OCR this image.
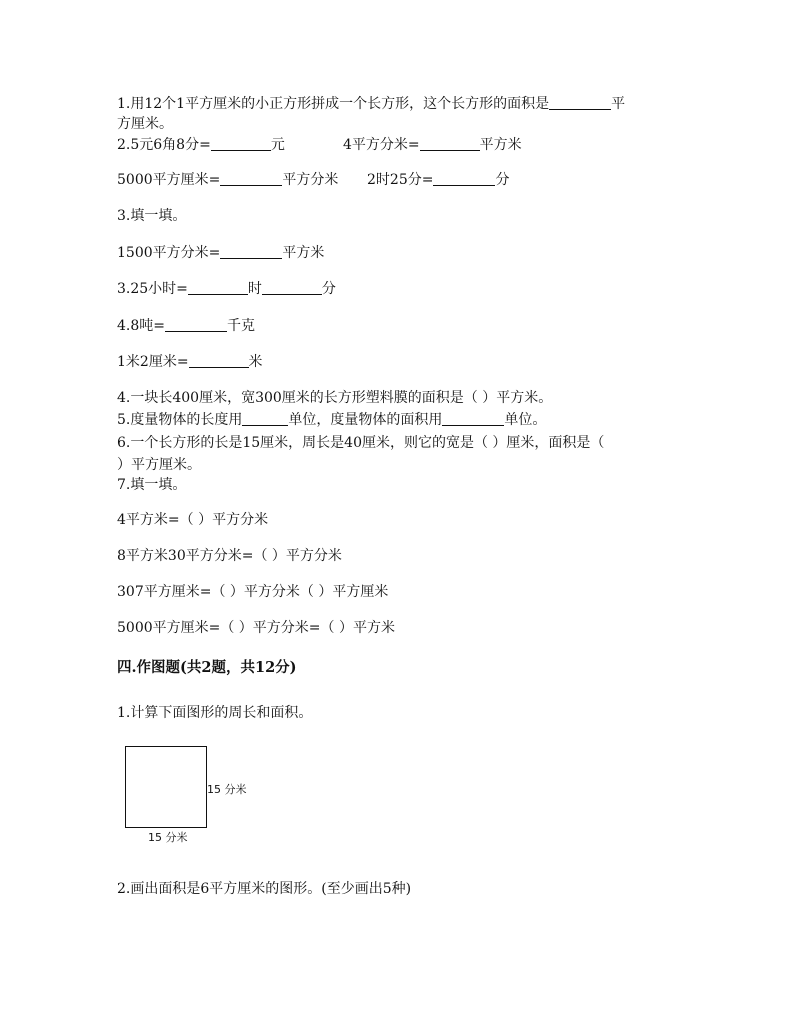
1.用12个1平方厘米的小正方形拼成一个长方形，这个长方形的面积是	平
方厘米。
2.5元6角8分=	元	4平方分米=	平方米
5000平方厘米=	平方分米 2时25分=	分
3.填一填。
1500平方分米=	平方米
3.25小时=	时	分
4.8吨=	千克
1米2厘米=	米
4.一块长400厘米，宽300厘米的长方形塑料膜的面积是（ ）平方米。
5.度量物体的长度用	单位，度量物体的面积用	单位。
6.一个长方形的长是15厘米，周长是40厘米，则它的宽是（ ）厘米，面积是（
）平方厘米。
7.填一填。
4平方米=（ ）平方分米
8平方米30平方分米=（ ）平方分米
307平方厘米=（ ）平方分米（ ）平方厘米
5000平方厘米=（ ）平方分米=（ ）平方米
四.作图题(共2题，共12分)
1.计算下面图形的周长和面积。
15 分米
15 分米
2.画出面积是6平方厘米的图形。(至少画出5种)
